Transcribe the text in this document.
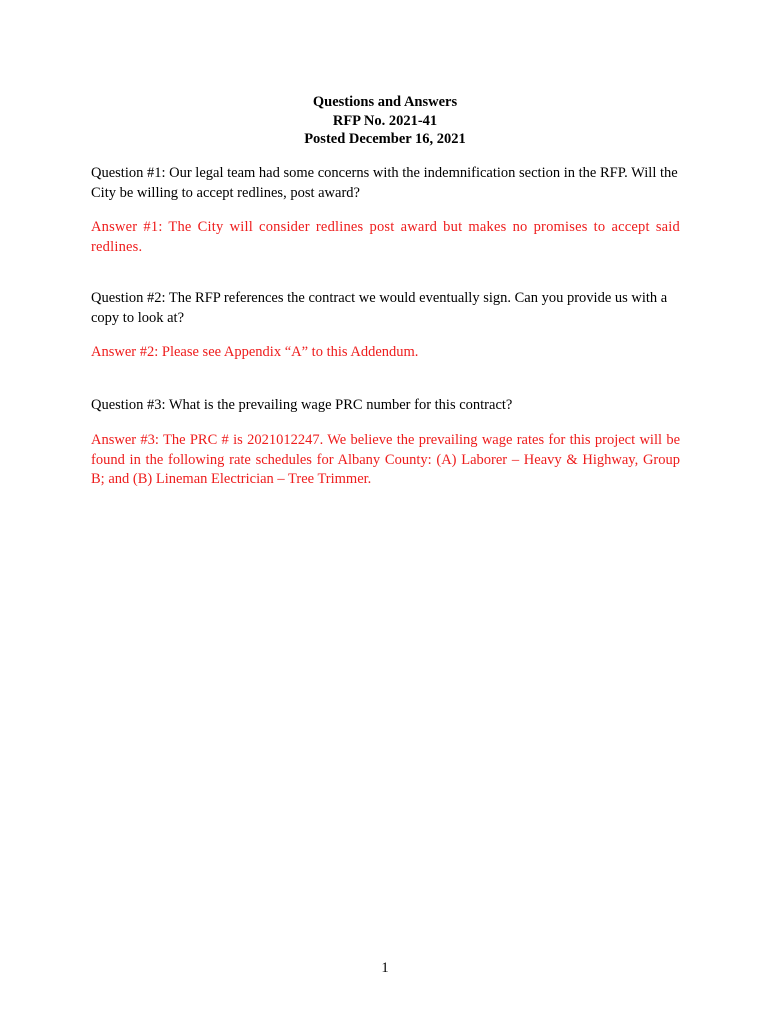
Questions and Answers
RFP No. 2021-41
Posted December 16, 2021

Question #1: Our legal team had some concerns with the indemnification section in the RFP. Will the City be willing to accept redlines, post award?

Answer #1: The City will consider redlines post award but makes no promises to accept said redlines.

Question #2: The RFP references the contract we would eventually sign. Can you provide us with a copy to look at?

Answer #2: Please see Appendix “A” to this Addendum.

Question #3: What is the prevailing wage PRC number for this contract?

Answer #3: The PRC # is 2021012247. We believe the prevailing wage rates for this project will be found in the following rate schedules for Albany County: (A) Laborer – Heavy & Highway, Group B; and (B) Lineman Electrician – Tree Trimmer.

1
